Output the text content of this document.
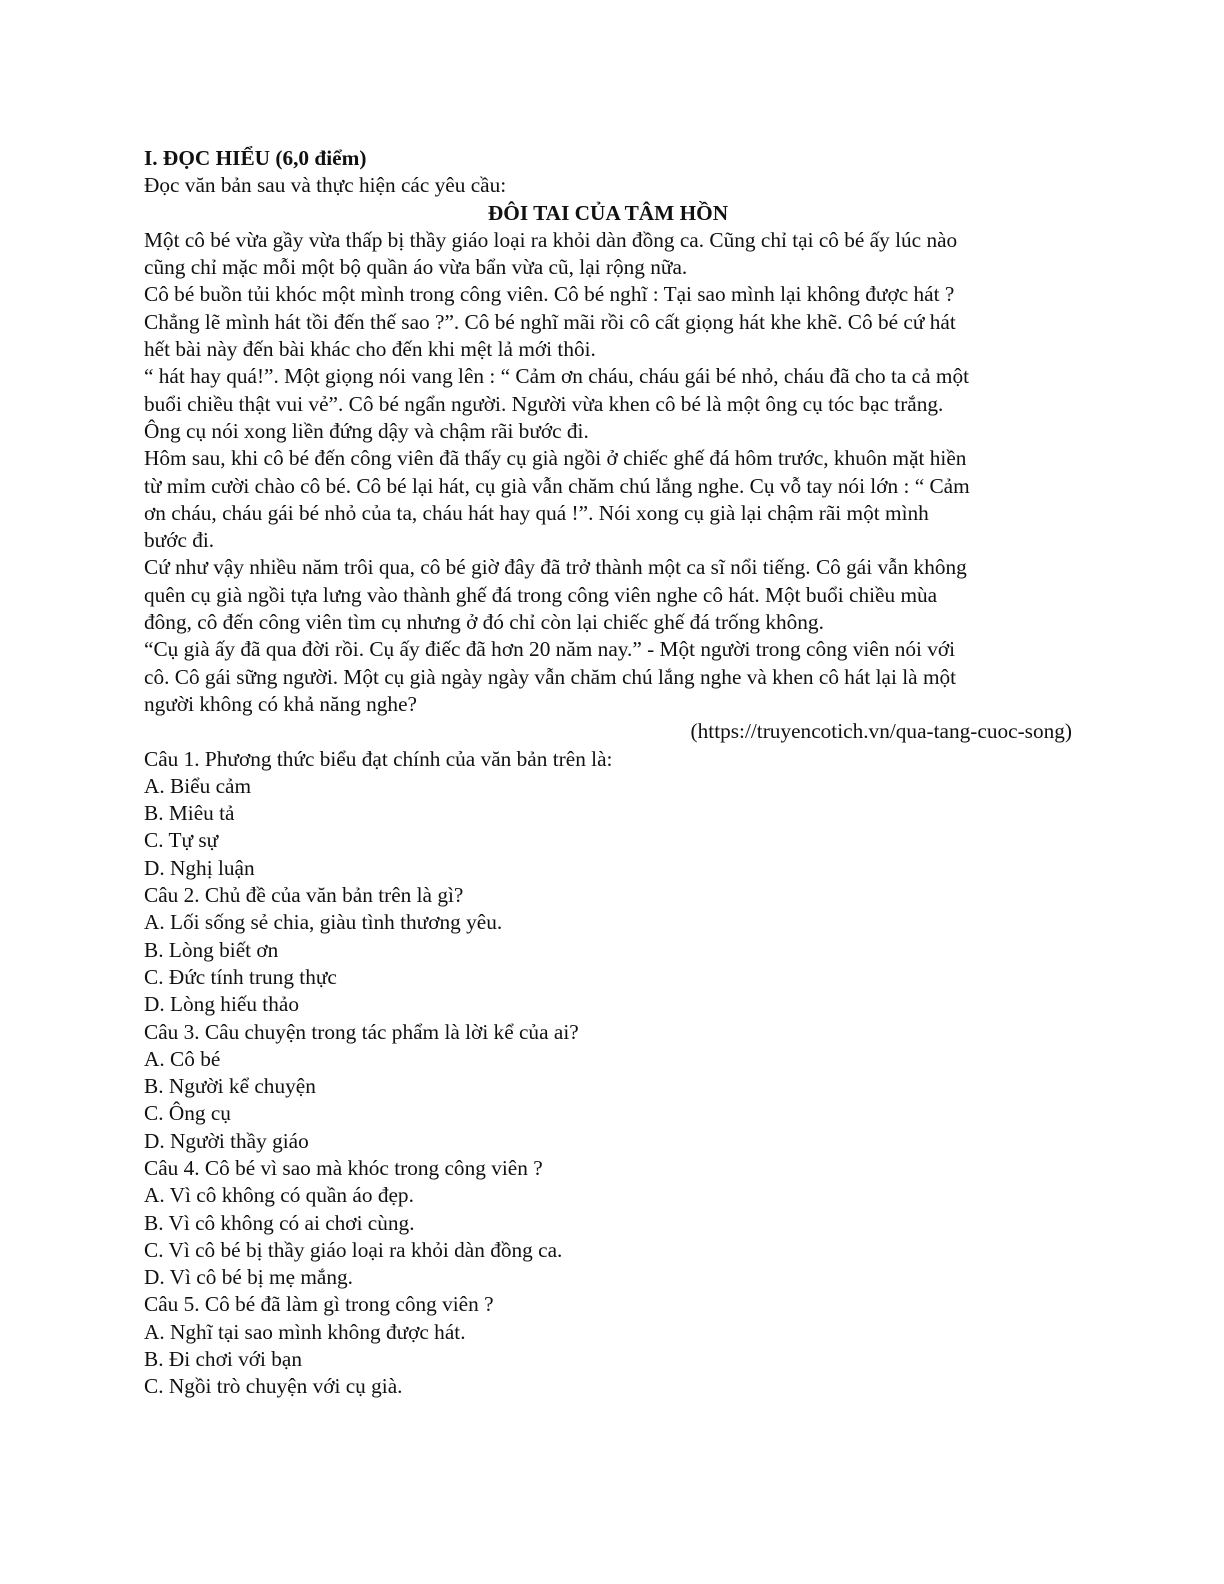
I. ĐỌC HIỂU (6,0 điểm)

Đọc văn bản sau và thực hiện các yêu cầu:

ĐÔI TAI CỦA TÂM HỒN

Một cô bé vừa gầy vừa thấp bị thầy giáo loại ra khỏi dàn đồng ca. Cũng chỉ tại cô bé ấy lúc nào

cũng chỉ mặc mỗi một bộ quần áo vừa bẩn vừa cũ, lại rộng nữa.

Cô bé buồn tủi khóc một mình trong công viên. Cô bé nghĩ : Tại sao mình lại không được hát ?

Chẳng lẽ mình hát tồi đến thế sao ?”. Cô bé nghĩ mãi rồi cô cất giọng hát khe khẽ. Cô bé cứ hát

hết bài này đến bài khác cho đến khi mệt lả mới thôi.

“ hát hay quá!”. Một giọng nói vang lên : “ Cảm ơn cháu, cháu gái bé nhỏ, cháu đã cho ta cả một

buổi chiều thật vui vẻ”. Cô bé ngẩn người. Người vừa khen cô bé là một ông cụ tóc bạc trắng.

Ông cụ nói xong liền đứng dậy và chậm rãi bước đi.

Hôm sau, khi cô bé đến công viên đã thấy cụ già ngồi ở chiếc ghế đá hôm trước, khuôn mặt hiền

từ mỉm cười chào cô bé. Cô bé lại hát, cụ già vẫn chăm chú lắng nghe. Cụ vỗ tay nói lớn : “ Cảm

ơn cháu, cháu gái bé nhỏ của ta, cháu hát hay quá !”. Nói xong cụ già lại chậm rãi một mình

bước đi.

Cứ như vậy nhiều năm trôi qua, cô bé giờ đây đã trở thành một ca sĩ nổi tiếng. Cô gái vẫn không

quên cụ già ngồi tựa lưng vào thành ghế đá trong công viên nghe cô hát. Một buổi chiều mùa

đông, cô đến công viên tìm cụ nhưng ở đó chỉ còn lại chiếc ghế đá trống không.

“Cụ già ấy đã qua đời rồi. Cụ ấy điếc đã hơn 20 năm nay.” - Một người trong công viên nói với

cô. Cô gái sững người. Một cụ già ngày ngày vẫn chăm chú lắng nghe và khen cô hát lại là một

người không có khả năng nghe?

(https://truyencotich.vn/qua-tang-cuoc-song)

Câu 1. Phương thức biểu đạt chính của văn bản trên là:

A. Biểu cảm

B. Miêu tả

C. Tự sự

D. Nghị luận

Câu 2. Chủ đề của văn bản trên là gì?

A. Lối sống sẻ chia, giàu tình thương yêu.

B. Lòng biết ơn

C. Đức tính trung thực

D. Lòng hiếu thảo

Câu 3. Câu chuyện trong tác phẩm là lời kể của ai?

A. Cô bé

B. Người kể chuyện

C. Ông cụ

D. Người thầy giáo

Câu 4. Cô bé vì sao mà khóc trong công viên ?

A. Vì cô không có quần áo đẹp.

B. Vì cô không có ai chơi cùng.

C. Vì cô bé bị thầy giáo loại ra khỏi dàn đồng ca.

D. Vì cô bé bị mẹ mắng.

Câu 5. Cô bé đã làm gì trong công viên ?

A. Nghĩ tại sao mình không được hát.

B. Đi chơi với bạn

C. Ngồi trò chuyện với cụ già.
